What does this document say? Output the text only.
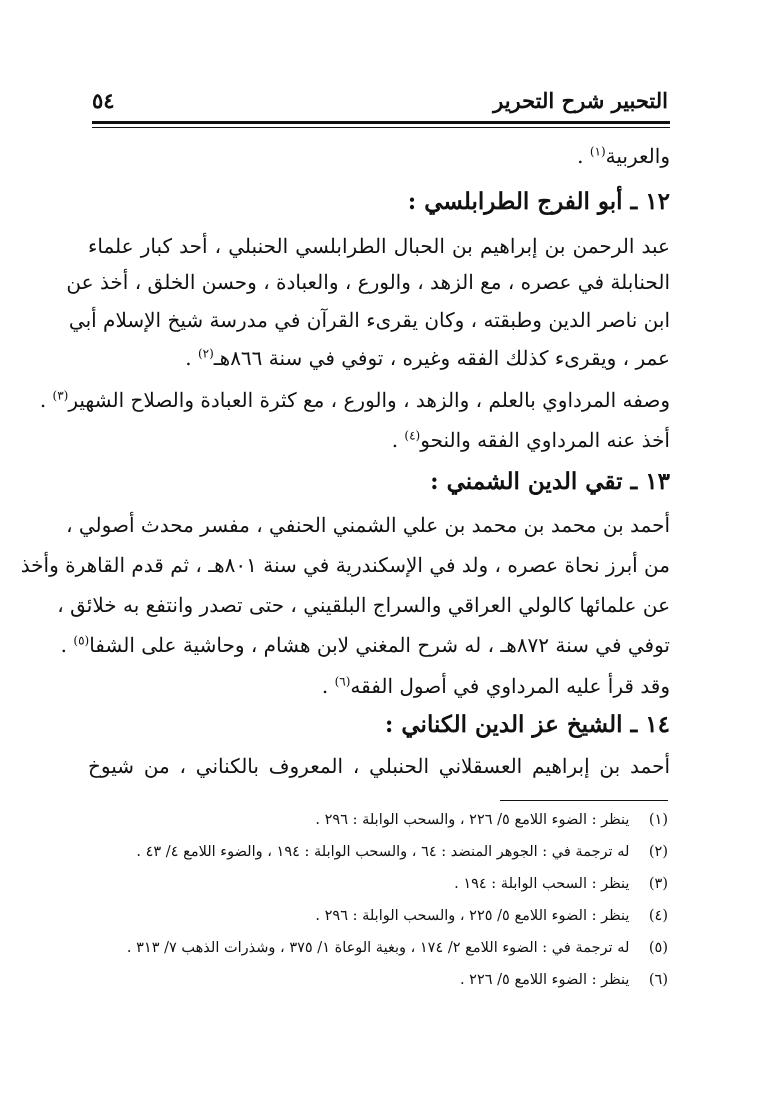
التحبير شرح التحرير
٥٤
والعربية$^{(١)}$ .
١٢ ـ أبو الفرج الطرابلسي :
عبد الرحمن بن إبراهيم بن الحبال الطرابلسي الحنبلي ، أحد كبار علماء
الحنابلة في عصره ، مع الزهد ، والورع ، والعبادة ، وحسن الخلق ، أخذ عن
ابن ناصر الدين وطبقته ، وكان يقرىء القرآن في مدرسة شيخ الإسلام أبي
عمر ، ويقرىء كذلك الفقه وغيره ، توفي في سنة ٨٦٦هـ$^{(٢)}$ .
وصفه المرداوي بالعلم ، والزهد ، والورع ، مع كثرة العبادة والصلاح الشهير$^{(٣)}$ .
أخذ عنه المرداوي الفقه والنحو$^{(٤)}$ .
١٣ ـ تقي الدين الشمني :
أحمد بن محمد بن محمد بن علي الشمني الحنفي ، مفسر محدث أصولي ،
من أبرز نحاة عصره ، ولد في الإسكندرية في سنة ٨٠١هـ ، ثم قدم القاهرة وأخذ
عن علمائها كالولي العراقي والسراج البلقيني ، حتى تصدر وانتفع به خلائق ،
توفي في سنة ٨٧٢هـ ، له شرح المغني لابن هشام ، وحاشية على الشفا$^{(٥)}$ .
وقد قرأ عليه المرداوي في أصول الفقه$^{(٦)}$ .
١٤ ـ الشيخ عز الدين الكناني :
أحمد بن إبراهيم العسقلاني الحنبلي ، المعروف بالكناني ، من شيوخ
(١) ينظر : الضوء اللامع ٥/ ٢٢٦ ، والسحب الوابلة : ٢٩٦ .
(٢) له ترجمة في : الجوهر المنضد : ٦٤ ، والسحب الوابلة : ١٩٤ ، والضوء اللامع ٤/ ٤٣ .
(٣) ينظر : السحب الوابلة : ١٩٤ .
(٤) ينظر : الضوء اللامع ٥/ ٢٢٥ ، والسحب الوابلة : ٢٩٦ .
(٥) له ترجمة في : الضوء اللامع ٢/ ١٧٤ ، وبغية الوعاة ١/ ٣٧٥ ، وشذرات الذهب ٧/ ٣١٣ .
(٦) ينظر : الضوء اللامع ٥/ ٢٢٦ .
